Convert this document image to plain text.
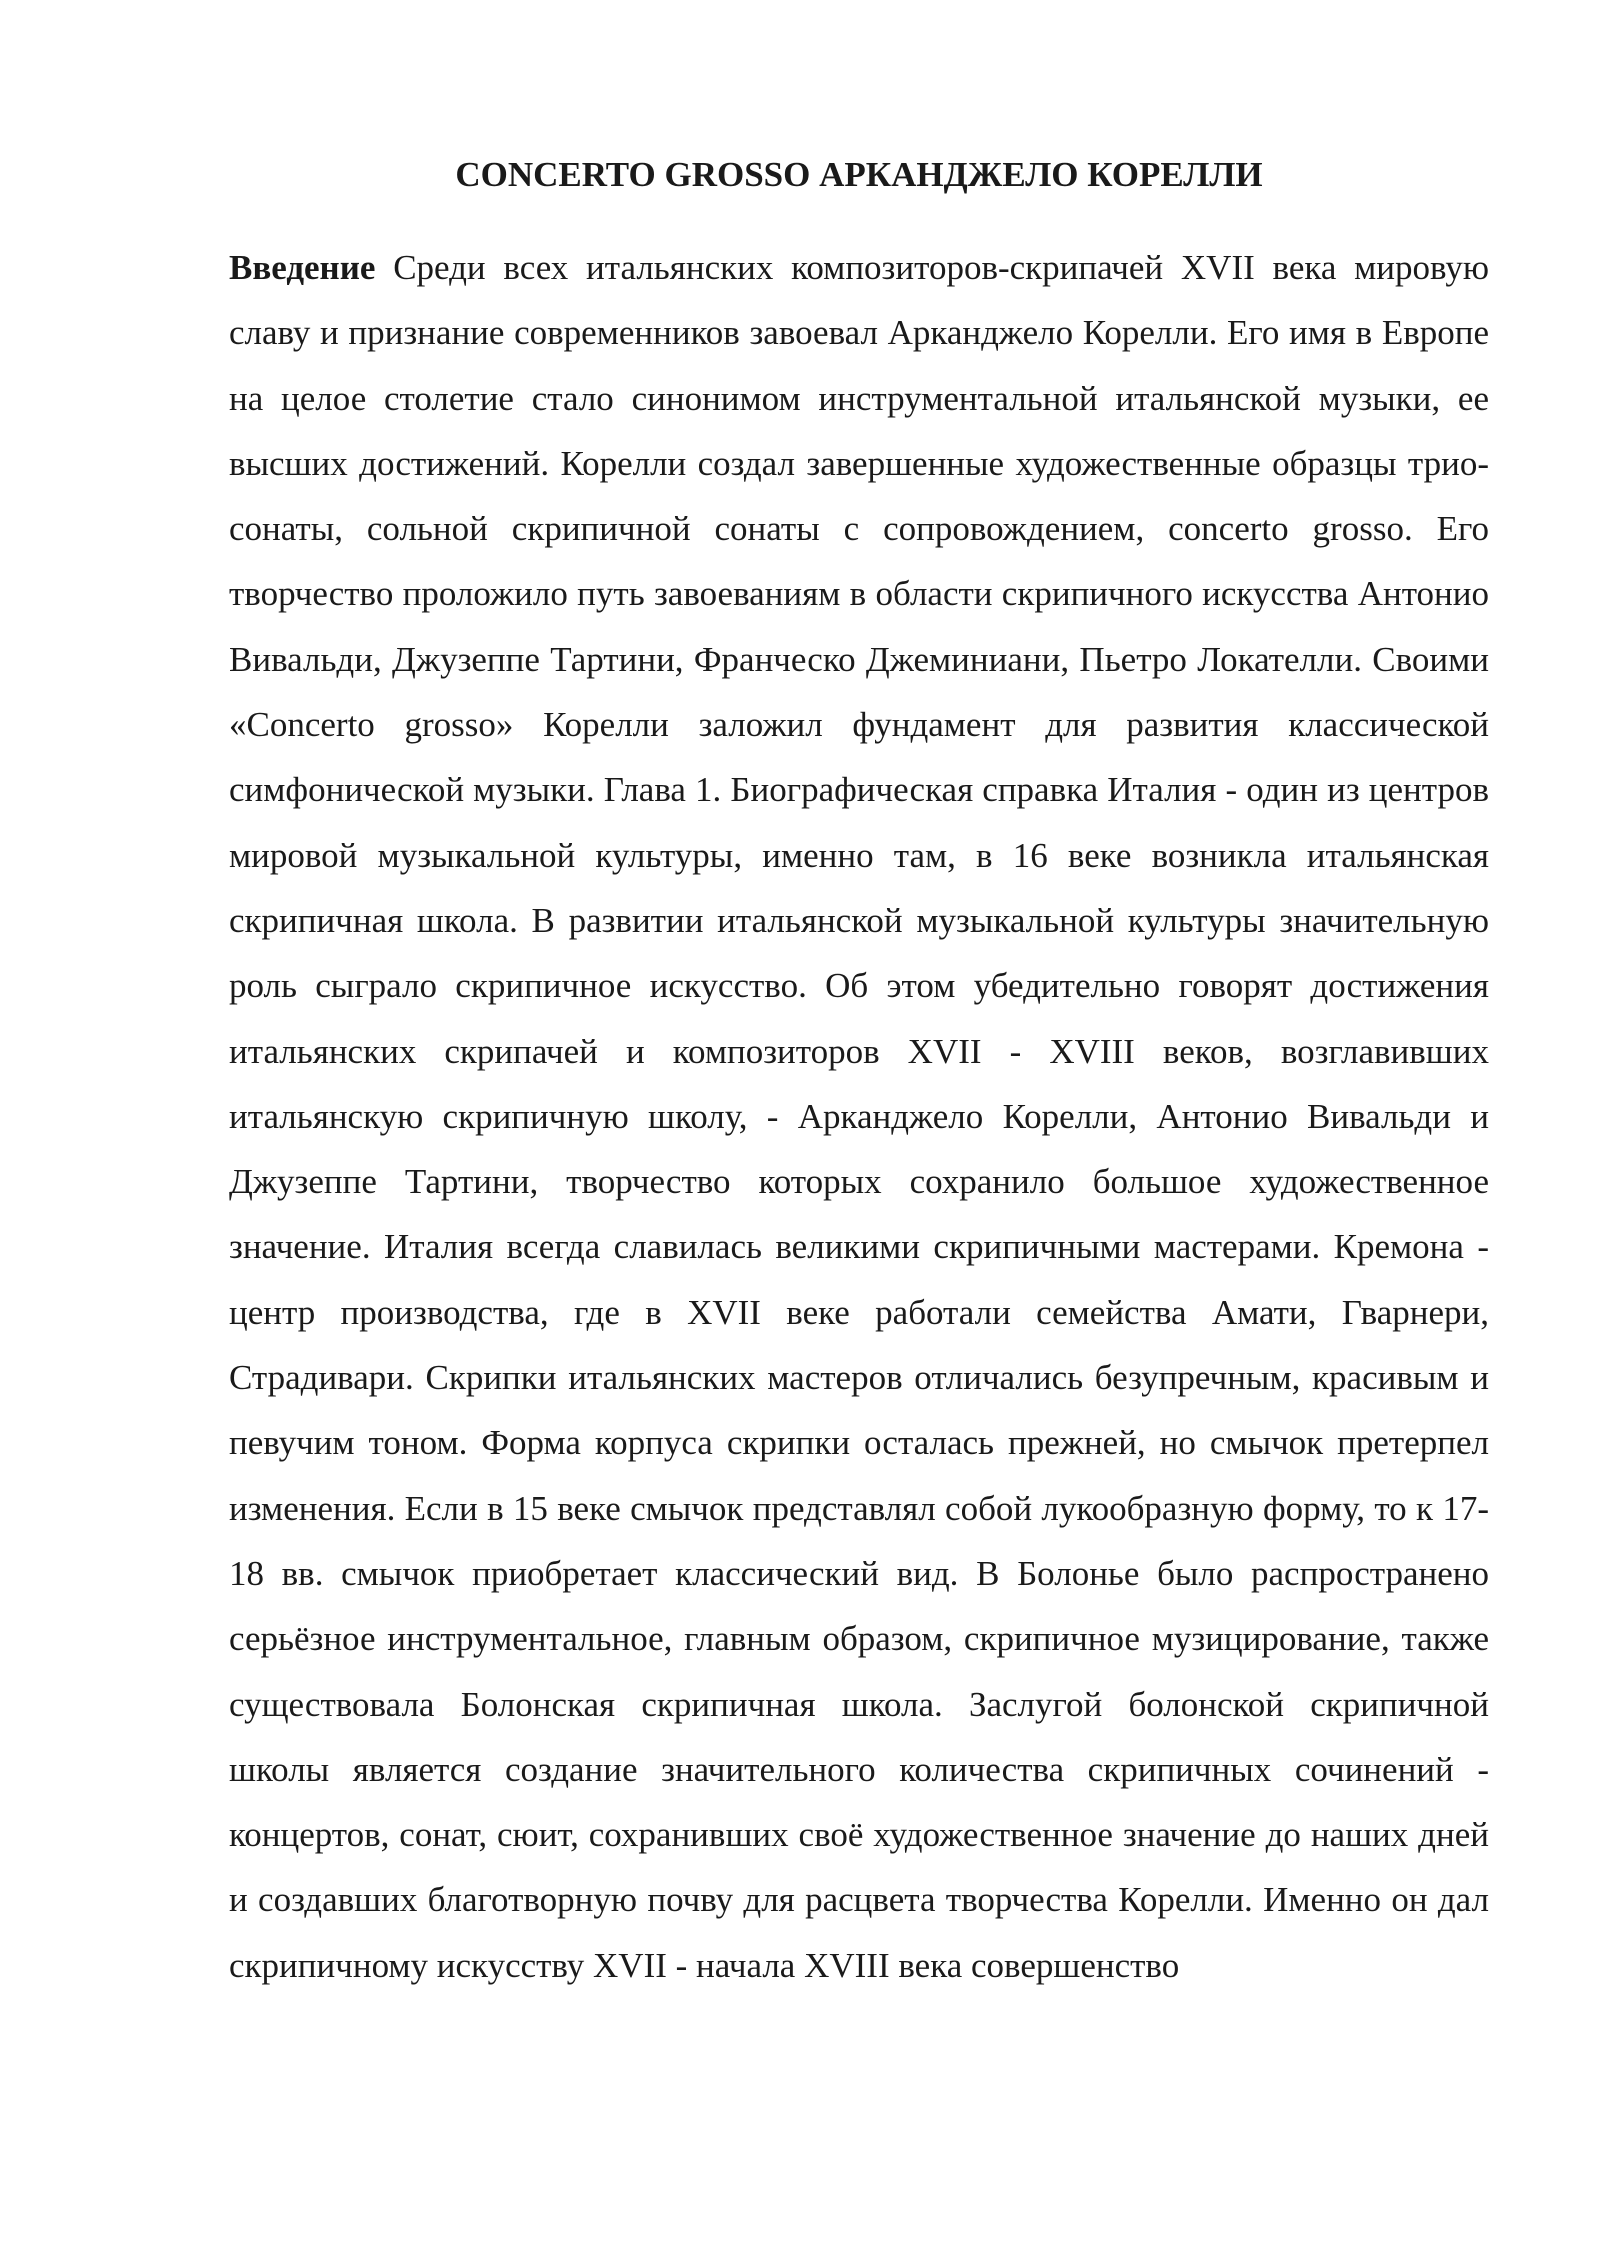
CONCERTO GROSSO АРКАНДЖЕЛО КОРЕЛЛИ

Введение Среди всех итальянских композиторов-скрипачей XVII века мировую славу и признание современников завоевал Арканджело Корелли. Его имя в Европе на целое столетие стало синонимом инструментальной итальянской музыки, ее высших достижений. Корелли создал завершенные художественные образцы трио-сонаты, сольной скрипичной сонаты с сопровождением, concerto grosso. Его творчество проложило путь завоеваниям в области скрипичного искусства Антонио Вивальди, Джузеппе Тартини, Франческо Джеминиани, Пьетро Локателли. Своими «Concerto grosso» Корелли заложил фундамент для развития классической симфонической музыки. Глава 1. Биографическая справка Италия - один из центров мировой музыкальной культуры, именно там, в 16 веке возникла итальянская скрипичная школа. В развитии итальянской музыкальной культуры значительную роль сыграло скрипичное искусство. Об этом убедительно говорят достижения итальянских скрипачей и композиторов XVII - XVIII веков, возглавивших итальянскую скрипичную школу, - Арканджело Корелли, Антонио Вивальди и Джузеппе Тартини, творчество которых сохранило большое художественное значение. Италия всегда славилась великими скрипичными мастерами. Кремона - центр производства, где в XVII веке работали семейства Амати, Гварнери, Страдивари. Скрипки итальянских мастеров отличались безупречным, красивым и певучим тоном. Форма корпуса скрипки осталась прежней, но смычок претерпел изменения. Если в 15 веке смычок представлял собой лукообразную форму, то к 17-18 вв. смычок приобретает классический вид. В Болонье было распространено серьёзное инструментальное, главным образом, скрипичное музицирование, также существовала Болонская скрипичная школа. Заслугой болонской скрипичной школы является создание значительного количества скрипичных сочинений - концертов, сонат, сюит, сохранивших своё художественное значение до наших дней и создавших благотворную почву для расцвета творчества Корелли. Именно он дал скрипичному искусству XVII - начала XVIII века совершенство
